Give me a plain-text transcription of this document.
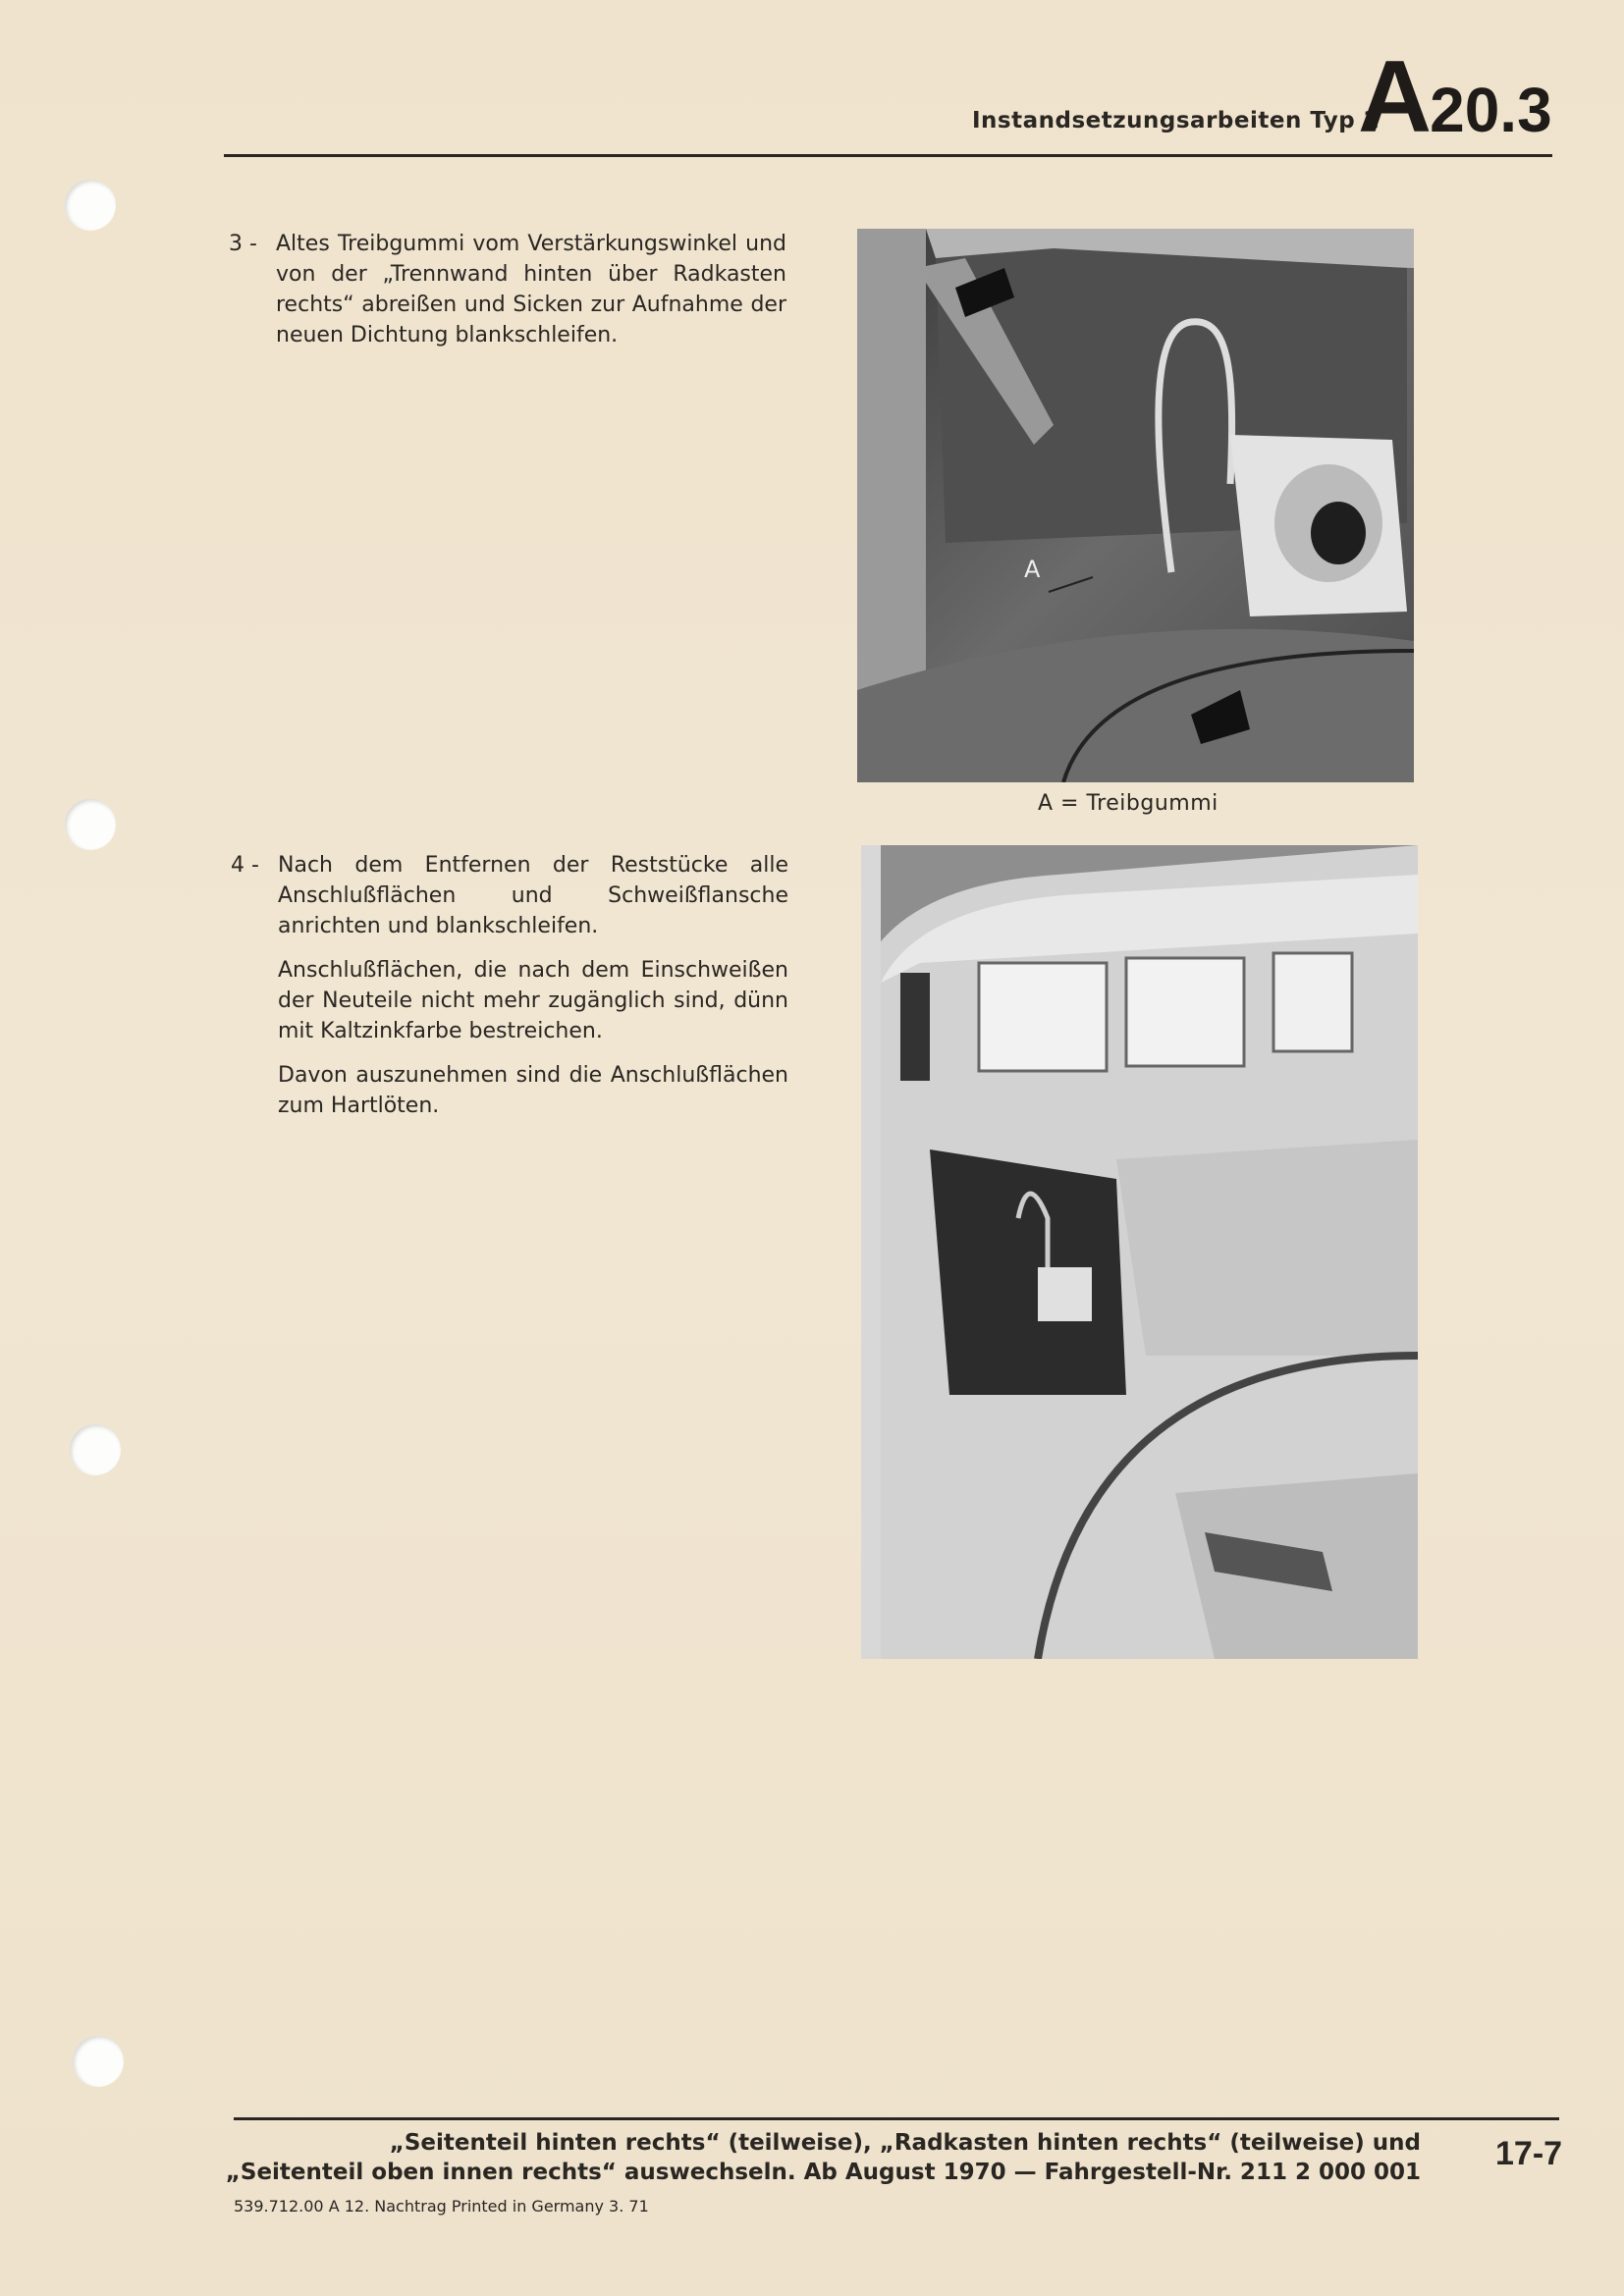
Instandsetzungsarbeiten Typ 2
A20.3
3 - Altes Treibgummi vom Verstärkungswinkel und von der „Trennwand hinten über Radkasten rechts“ abreißen und Sicken zur Aufnahme der neuen Dichtung blankschleifen.
A
A = Treibgummi
4 - Nach dem Entfernen der Reststücke alle Anschlußflächen und Schweißflansche anrichten und blankschleifen.
Anschlußflächen, die nach dem Einschweißen der Neuteile nicht mehr zugänglich sind, dünn mit Kaltzinkfarbe bestreichen.
Davon auszunehmen sind die Anschlußflächen zum Hartlöten.
„Seitenteil hinten rechts“ (teilweise), „Radkasten hinten rechts“ (teilweise) und
„Seitenteil oben innen rechts“ auswechseln. Ab August 1970 — Fahrgestell-Nr. 211 2 000 001 17-7
539.712.00 A 12. Nachtrag Printed in Germany 3. 71
